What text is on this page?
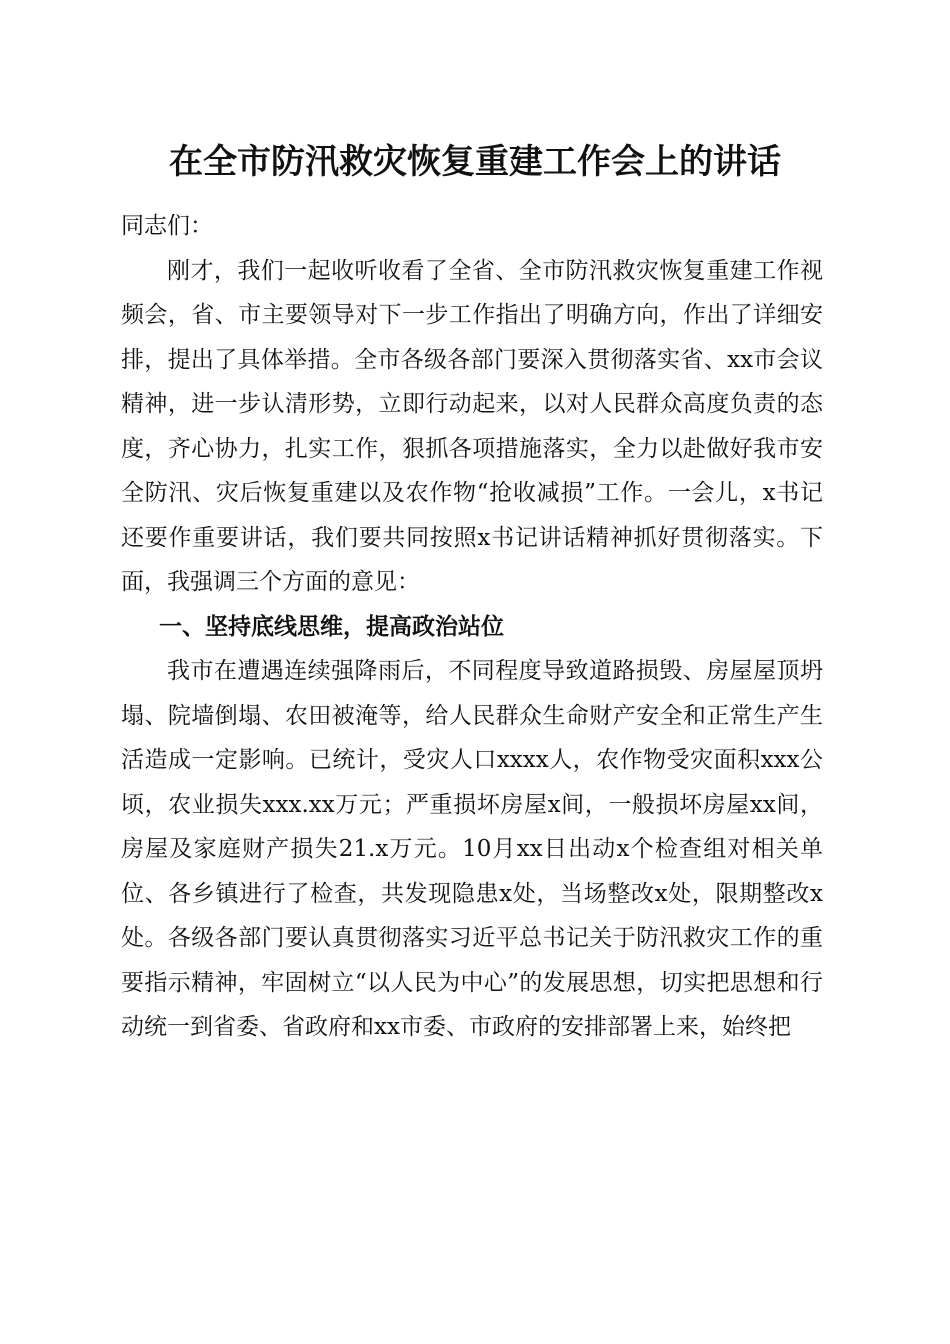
在全市防汛救灾恢复重建工作会上的讲话

同志们：

刚才，我们一起收听收看了全省、全市防汛救灾恢复重建工作视频会，省、市主要领导对下一步工作指出了明确方向，作出了详细安排，提出了具体举措。全市各级各部门要深入贯彻落实省、xx市会议精神，进一步认清形势，立即行动起来，以对人民群众高度负责的态度，齐心协力，扎实工作，狠抓各项措施落实，全力以赴做好我市安全防汛、灾后恢复重建以及农作物“抢收减损”工作。一会儿，x书记还要作重要讲话，我们要共同按照x书记讲话精神抓好贯彻落实。下面，我强调三个方面的意见：

一、坚持底线思维，提高政治站位

我市在遭遇连续强降雨后，不同程度导致道路损毁、房屋屋顶坍塌、院墙倒塌、农田被淹等，给人民群众生命财产安全和正常生产生活造成一定影响。已统计，受灾人口xxxx人，农作物受灾面积xxx公顷，农业损失xxx.xx万元；严重损坏房屋x间，一般损坏房屋xx间，房屋及家庭财产损失21.x万元。10月xx日出动x个检查组对相关单位、各乡镇进行了检查，共发现隐患x处，当场整改x处，限期整改x处。各级各部门要认真贯彻落实习近平总书记关于防汛救灾工作的重要指示精神，牢固树立“以人民为中心”的发展思想，切实把思想和行动统一到省委、省政府和xx市委、市政府的安排部署上来，始终把
